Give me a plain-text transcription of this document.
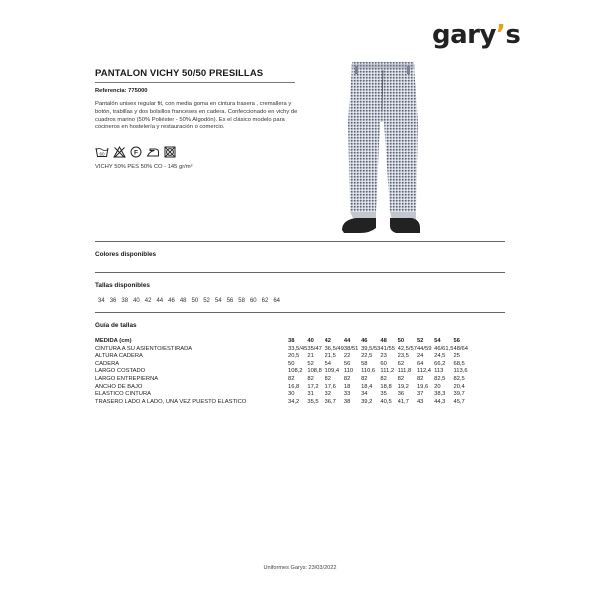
gary’s
PANTALON VICHY 50/50 PRESILLAS
Referencia: 775000
Pantalón unisex regular fit, con media goma en cintura trasera , cremallera y botón, trabillas y dos bolsillos franceses en cadera. Confeccionado en vichy de cuadros marino (50% Poliéster - 50% Algodón). Es el clásico modelo para cocineros en hostelería y restauración o comercio.
60	F
VICHY 50% PES 50% CO - 145 gr/m²
Colores disponibles
Tallas disponibles
34 36 38 40 42 44 46 48 50 52 54 56 58 60 62 64
Guía de tallas
MEDIDA (cm)	38	40	42	44	46	48	50	52	54	56
CINTURA A SU ASIENTO/ESTIRADA	33,5/45	35/47	36,5/49	38/51	39,5/53	41/55	42,5/57	44/59	46/61,5	48/64
ALTURA CADERA	20,5	21	21,5	22	22,5	23	23,5	24	24,5	25
CADERA	50	52	54	56	58	60	62	64	66,2	68,5
LARGO COSTADO	108,2	108,8	109,4	110	110,6	111,2	111,8	112,4	113	113,6
LARGO ENTREPIERNA	82	82	82	82	82	82	82	82	82,5	82,5
ANCHO DE BAJO	16,8	17,2	17,6	18	18,4	18,8	19,2	19,6	20	20,4
ELÁSTICO CINTURA	30	31	32	33	34	35	36	37	38,3	39,7
TRASERO LADO A LADO, UNA VEZ PUESTO ELÁSTICO	34,2	35,5	36,7	38	39,2	40,5	41,7	43	44,3	45,7
Uniformes Garys: 23/03/2022
